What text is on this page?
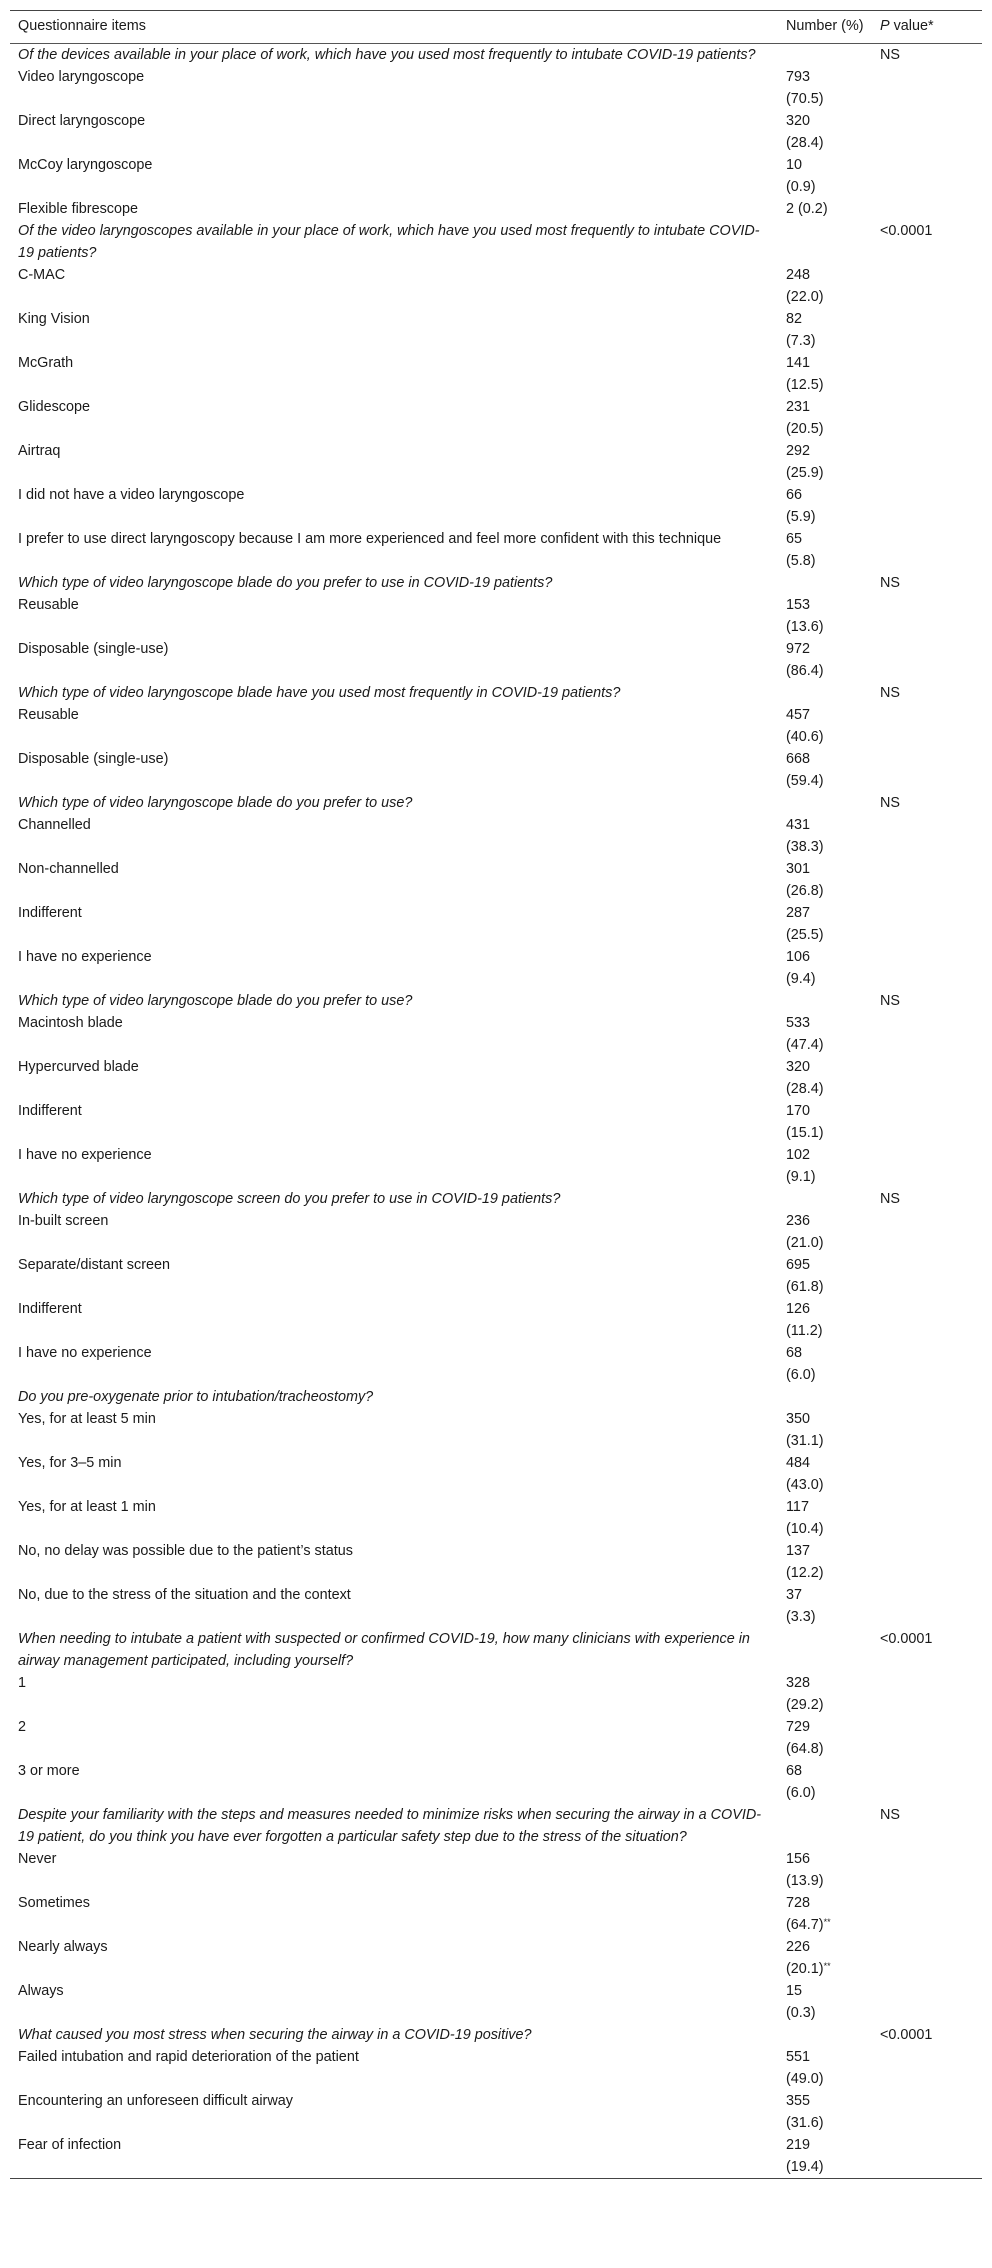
Questionnaire items	Number (%)	P value*
Of the devices available in your place of work, which have you used most frequently to intubate COVID-19 patients?		NS
Video laryngoscope	793
(70.5)	
Direct laryngoscope	320
(28.4)	
McCoy laryngoscope	10
(0.9)	
Flexible fibrescope	2 (0.2)	
Of the video laryngoscopes available in your place of work, which have you used most frequently to intubate COVID-19 patients?		<0.0001
C-MAC	248
(22.0)	
King Vision	82
(7.3)	
McGrath	141
(12.5)	
Glidescope	231
(20.5)	
Airtraq	292
(25.9)	
I did not have a video laryngoscope	66
(5.9)	
I prefer to use direct laryngoscopy because I am more experienced and feel more confident with this technique	65
(5.8)	
Which type of video laryngoscope blade do you prefer to use in COVID-19 patients?		NS
Reusable	153
(13.6)	
Disposable (single-use)	972
(86.4)	
Which type of video laryngoscope blade have you used most frequently in COVID-19 patients?		NS
Reusable	457
(40.6)	
Disposable (single-use)	668
(59.4)	
Which type of video laryngoscope blade do you prefer to use?		NS
Channelled	431
(38.3)	
Non-channelled	301
(26.8)	
Indifferent	287
(25.5)	
I have no experience	106
(9.4)	
Which type of video laryngoscope blade do you prefer to use?		NS
Macintosh blade	533
(47.4)	
Hypercurved blade	320
(28.4)	
Indifferent	170
(15.1)	
I have no experience	102
(9.1)	
Which type of video laryngoscope screen do you prefer to use in COVID-19 patients?		NS
In-built screen	236
(21.0)	
Separate/distant screen	695
(61.8)	
Indifferent	126
(11.2)	
I have no experience	68
(6.0)	
Do you pre-oxygenate prior to intubation/tracheostomy?		
Yes, for at least 5 min	350
(31.1)	
Yes, for 3–5 min	484
(43.0)	
Yes, for at least 1 min	117
(10.4)	
No, no delay was possible due to the patient’s status	137
(12.2)	
No, due to the stress of the situation and the context	37
(3.3)	
When needing to intubate a patient with suspected or confirmed COVID-19, how many clinicians with experience in airway management participated, including yourself?		<0.0001
1	328
(29.2)	
2	729
(64.8)	
3 or more	68
(6.0)	
Despite your familiarity with the steps and measures needed to minimize risks when securing the airway in a COVID-19 patient, do you think you have ever forgotten a particular safety step due to the stress of the situation?		NS
Never	156
(13.9)	
Sometimes	728
(64.7)**	
Nearly always	226
(20.1)**	
Always	15
(0.3)	
What caused you most stress when securing the airway in a COVID-19 positive?		<0.0001
Failed intubation and rapid deterioration of the patient	551
(49.0)	
Encountering an unforeseen difficult airway	355
(31.6)	
Fear of infection	219
(19.4)	
